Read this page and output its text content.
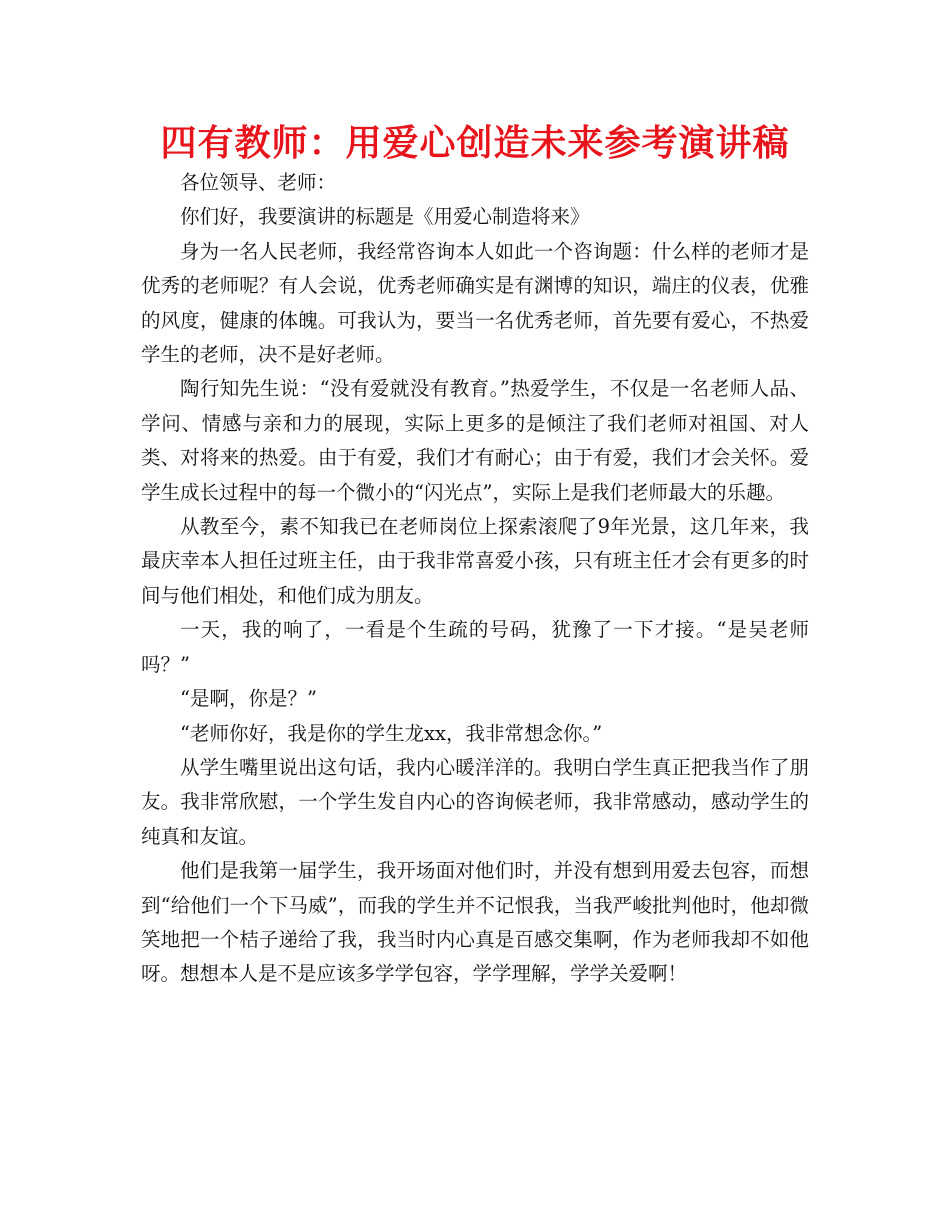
四有教师：用爱心创造未来参考演讲稿

各位领导、老师：

你们好，我要演讲的标题是《用爱心制造将来》

身为一名人民老师，我经常咨询本人如此一个咨询题：什么样的老师才是优秀的老师呢？有人会说，优秀老师确实是有渊博的知识，端庄的仪表，优雅的风度，健康的体魄。可我认为，要当一名优秀老师，首先要有爱心，不热爱学生的老师，决不是好老师。

陶行知先生说：“没有爱就没有教育。”热爱学生，不仅是一名老师人品、学问、情感与亲和力的展现，实际上更多的是倾注了我们老师对祖国、对人类、对将来的热爱。由于有爱，我们才有耐心；由于有爱，我们才会关怀。爱学生成长过程中的每一个微小的“闪光点”，实际上是我们老师最大的乐趣。

从教至今，素不知我已在老师岗位上探索滚爬了9年光景，这几年来，我最庆幸本人担任过班主任，由于我非常喜爱小孩，只有班主任才会有更多的时间与他们相处，和他们成为朋友。

一天，我的响了，一看是个生疏的号码，犹豫了一下才接。“是吴老师吗？”

“是啊，你是？”

“老师你好，我是你的学生龙xx，我非常想念你。”

从学生嘴里说出这句话，我内心暖洋洋的。我明白学生真正把我当作了朋友。我非常欣慰，一个学生发自内心的咨询候老师，我非常感动，感动学生的纯真和友谊。

他们是我第一届学生，我开场面对他们时，并没有想到用爱去包容，而想到“给他们一个下马威”，而我的学生并不记恨我，当我严峻批判他时，他却微笑地把一个桔子递给了我，我当时内心真是百感交集啊，作为老师我却不如他呀。想想本人是不是应该多学学包容，学学理解，学学关爱啊！
